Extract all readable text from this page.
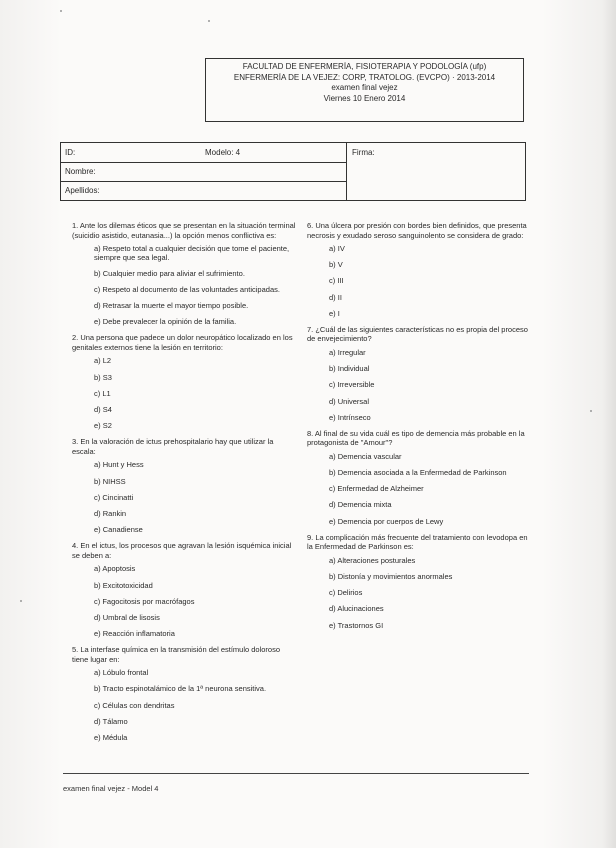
FACULTAD DE ENFERMERÍA, FISIOTERAPIA Y PODOLOGÍA (ufp)
ENFERMERÍA DE LA VEJEZ: CORP, TRATOLOG. (EVCPO) · 2013-2014
examen final vejez
Viernes 10 Enero 2014
ID:	Modelo: 4
Nombre:
Apellidos:
Firma:
1. Ante los dilemas éticos que se presentan en la situación terminal (suicidio asistido, eutanasia...) la opción menos conflictiva es:
a) Respeto total a cualquier decisión que tome el paciente, siempre que sea legal.
b) Cualquier medio para aliviar el sufrimiento.
c) Respeto al documento de las voluntades anticipadas.
d) Retrasar la muerte el mayor tiempo posible.
e) Debe prevalecer la opinión de la familia.
2. Una persona que padece un dolor neuropático localizado en los genitales externos tiene la lesión en territorio:
a) L2
b) S3
c) L1
d) S4
e) S2
3. En la valoración de ictus prehospitalario hay que utilizar la escala:
a) Hunt y Hess
b) NIHSS
c) Cincinatti
d) Rankin
e) Canadiense
4. En el ictus, los procesos que agravan la lesión isquémica inicial se deben a:
a) Apoptosis
b) Excitotoxicidad
c) Fagocitosis por macrófagos
d) Umbral de lisosis
e) Reacción inflamatoria
5. La interfase química en la transmisión del estímulo doloroso tiene lugar en:
a) Lóbulo frontal
b) Tracto espinotalámico de la 1ª neurona sensitiva.
c) Células con dendritas
d) Tálamo
e) Médula
6. Una úlcera por presión con bordes bien definidos, que presenta necrosis y exudado seroso sanguinolento se considera de grado:
a) IV
b) V
c) III
d) II
e) I
7. ¿Cuál de las siguientes características no es propia del proceso de envejecimiento?
a) Irregular
b) Individual
c) Irreversible
d) Universal
e) Intrínseco
8. Al final de su vida cuál es tipo de demencia más probable en la protagonista de "Amour"?
a) Demencia vascular
b) Demencia asociada a la Enfermedad de Parkinson
c) Enfermedad de Alzheimer
d) Demencia mixta
e) Demencia por cuerpos de Lewy
9. La complicación más frecuente del tratamiento con levodopa en la Enfermedad de Parkinson es:
a) Alteraciones posturales
b) Distonía y movimientos anormales
c) Delirios
d) Alucinaciones
e) Trastornos GI
examen final vejez - Model 4
